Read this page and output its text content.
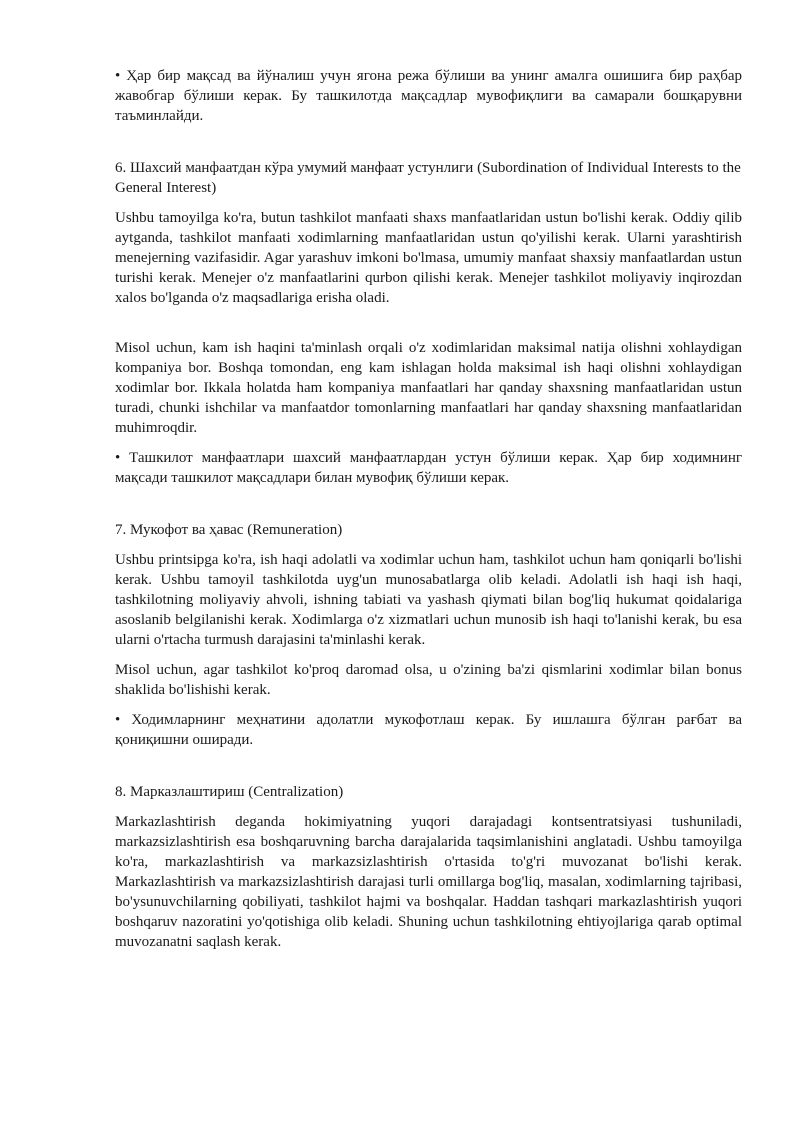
• Ҳар бир мақсад ва йўналиш учун ягона режа бўлиши ва унинг амалга ошишига бир раҳбар жавобгар бўлиши керак. Бу ташкилотда мақсадлар мувофиқлиги ва самарали бошқарувни таъминлайди.

6. Шахсий манфаатдан кўра умумий манфаат устунлиги (Subordination of Individual Interests to the General Interest)

Ushbu tamoyilga ko'ra, butun tashkilot manfaati shaxs manfaatlaridan ustun bo'lishi kerak. Oddiy qilib aytganda, tashkilot manfaati xodimlarning manfaatlaridan ustun qo'yilishi kerak. Ularni yarashtirish menejerning vazifasidir. Agar yarashuv imkoni bo'lmasa, umumiy manfaat shaxsiy manfaatlardan ustun turishi kerak. Menejer o'z manfaatlarini qurbon qilishi kerak. Menejer tashkilot moliyaviy inqirozdan xalos bo'lganda o'z maqsadlariga erisha oladi.

Misol uchun, kam ish haqini ta'minlash orqali o'z xodimlaridan maksimal natija olishni xohlaydigan kompaniya bor. Boshqa tomondan, eng kam ishlagan holda maksimal ish haqi olishni xohlaydigan xodimlar bor. Ikkala holatda ham kompaniya manfaatlari har qanday shaxsning manfaatlaridan ustun turadi, chunki ishchilar va manfaatdor tomonlarning manfaatlari har qanday shaxsning manfaatlaridan muhimroqdir.

• Ташкилот манфаатлари шахсий манфаатлардан устун бўлиши керак. Ҳар бир ходимнинг мақсади ташкилот мақсадлари билан мувофиқ бўлиши керак.

7. Мукофот ва ҳавас (Remuneration)

Ushbu printsipga ko'ra, ish haqi adolatli va xodimlar uchun ham, tashkilot uchun ham qoniqarli bo'lishi kerak. Ushbu tamoyil tashkilotda uyg'un munosabatlarga olib keladi. Adolatli ish haqi ish haqi, tashkilotning moliyaviy ahvoli, ishning tabiati va yashash qiymati bilan bog'liq hukumat qoidalariga asoslanib belgilanishi kerak. Xodimlarga o'z xizmatlari uchun munosib ish haqi to'lanishi kerak, bu esa ularni o'rtacha turmush darajasini ta'minlashi kerak.

Misol uchun, agar tashkilot ko'proq daromad olsa, u o'zining ba'zi qismlarini xodimlar bilan bonus shaklida bo'lishishi kerak.

• Ходимларнинг меҳнатини адолатли мукофотлаш керак. Бу ишлашга бўлган рағбат ва қониқишни оширади.

8. Марказлаштириш (Centralization)

Markazlashtirish deganda hokimiyatning yuqori darajadagi kontsentratsiyasi tushuniladi, markazsizlashtirish esa boshqaruvning barcha darajalarida taqsimlanishini anglatadi. Ushbu tamoyilga ko'ra, markazlashtirish va markazsizlashtirish o'rtasida to'g'ri muvozanat bo'lishi kerak. Markazlashtirish va markazsizlashtirish darajasi turli omillarga bog'liq, masalan, xodimlarning tajribasi, bo'ysunuvchilarning qobiliyati, tashkilot hajmi va boshqalar. Haddan tashqari markazlashtirish yuqori boshqaruv nazoratini yo'qotishiga olib keladi. Shuning uchun tashkilotning ehtiyojlariga qarab optimal muvozanatni saqlash kerak.
